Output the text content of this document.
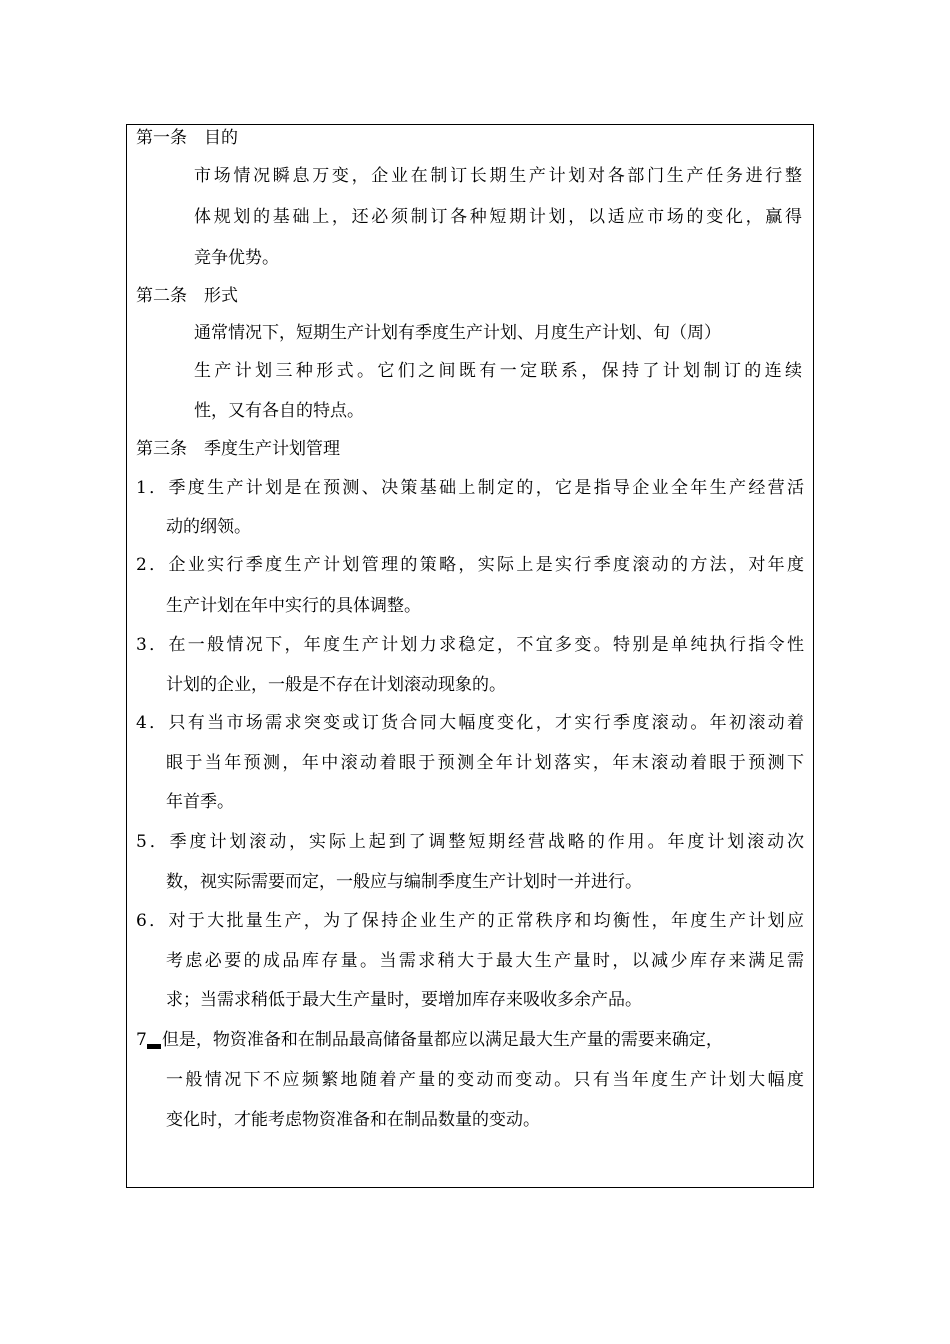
第一条　目的
市场情况瞬息万变，企业在制订长期生产计划对各部门生产任务进行整
体规划的基础上，还必须制订各种短期计划，以适应市场的变化，赢得
竞争优势。
第二条　形式
通常情况下，短期生产计划有季度生产计划、月度生产计划、旬（周）
生产计划三种形式。它们之间既有一定联系，保持了计划制订的连续
性，又有各自的特点。
第三条　季度生产计划管理
1．季度生产计划是在预测、决策基础上制定的，它是指导企业全年生产经营活
动的纲领。
2．企业实行季度生产计划管理的策略，实际上是实行季度滚动的方法，对年度
生产计划在年中实行的具体调整。
3．在一般情况下，年度生产计划力求稳定，不宜多变。特别是单纯执行指令性
计划的企业，一般是不存在计划滚动现象的。
4．只有当市场需求突变或订货合同大幅度变化，才实行季度滚动。年初滚动着
眼于当年预测，年中滚动着眼于预测全年计划落实，年末滚动着眼于预测下
年首季。
5．季度计划滚动，实际上起到了调整短期经营战略的作用。年度计划滚动次
数，视实际需要而定，一般应与编制季度生产计划时一并进行。
6．对于大批量生产，为了保持企业生产的正常秩序和均衡性，年度生产计划应
考虑必要的成品库存量。当需求稍大于最大生产量时，以减少库存来满足需
求；当需求稍低于最大生产量时，要增加库存来吸收多余产品。
7 但是，物资准备和在制品最高储备量都应以满足最大生产量的需要来确定，
一般情况下不应频繁地随着产量的变动而变动。只有当年度生产计划大幅度
变化时，才能考虑物资准备和在制品数量的变动。
